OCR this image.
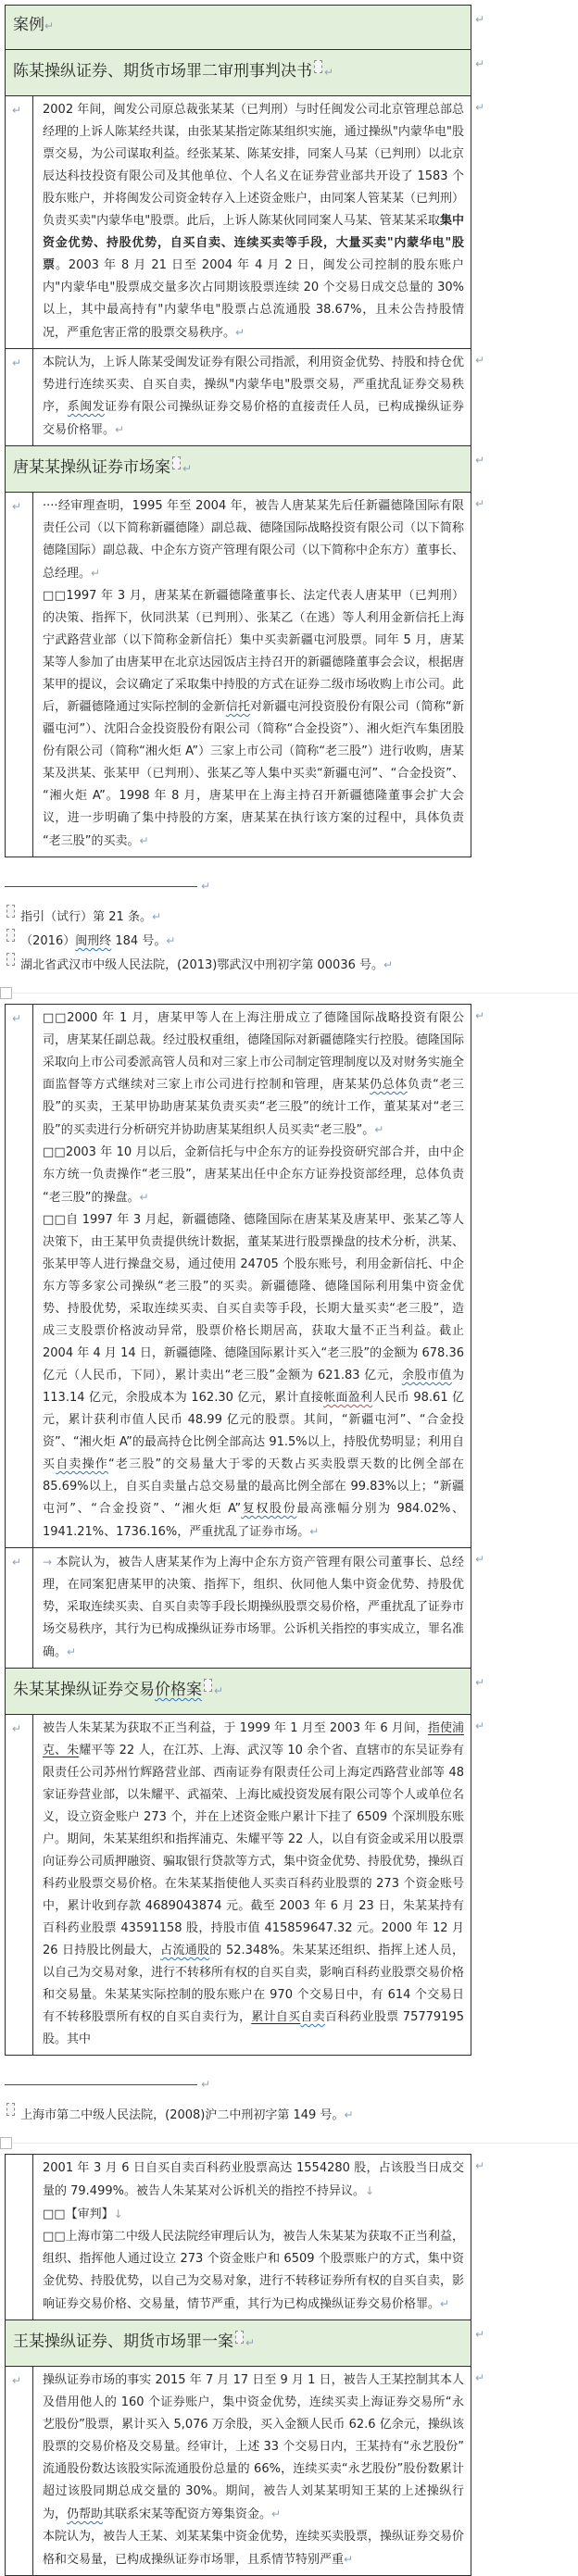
案例↵	↵
陈某操纵证券、期货市场罪二审刑事判决书 ↵
↵
↵	2002 年间，闽发公司原总裁张某某（已判刑）与时任闽发公司北京管理总部总经理的上诉人陈某经共谋，由张某某指定陈某组织实施，通过操纵"内蒙华电"股票交易，为公司谋取利益。经张某某、陈某安排，同案人马某（已判刑）以北京辰达科技投资有限公司及其他单位、个人名义在证券营业部共开设了 1583 个股东账户，并将闽发公司资金转存入上述资金账户，由同案人管某某（已判刑）负责买卖"内蒙华电"股票。此后，上诉人陈某伙同同案人马某、管某某采取集中资金优势、持股优势，自买自卖、连续买卖等手段，大量买卖"内蒙华电"股票。2003 年 8 月 21 日至 2004 年 4 月 2 日，闽发公司控制的股东账户内"内蒙华电"股票成交量多次占同期该股票连续 20 个交易日成交总量的 30%以上，其中最高持有"内蒙华电"股票占总流通股 38.67%，且未公告持股情况，严重危害正常的股票交易秩序。↵

↵
↵	本院认为，上诉人陈某受闽发证券有限公司指派，利用资金优势、持股和持仓优势进行连续买卖、自买自卖，操纵"内蒙华电"股票交易，严重扰乱证券交易秩序，系闽发证券有限公司操纵证券交易价格的直接责任人员，已构成操纵证券交易价格罪。↵

↵
唐某某操纵证券市场案 ↵
↵
↵	····经审理查明，1995 年至 2004 年，被告人唐某某先后任新疆德隆国际有限责任公司（以下简称新疆德隆）副总裁、德隆国际战略投资有限公司（以下简称德隆国际）副总裁、中企东方资产管理有限公司（以下简称中企东方）董事长、总经理。↵

□□1997 年 3 月，唐某某在新疆德隆董事长、法定代表人唐某甲（已判刑）的决策、指挥下，伙同洪某（已判刑）、张某乙（在逃）等人利用金新信托上海宁武路营业部（以下简称金新信托）集中买卖新疆屯河股票。同年 5 月，唐某某等人参加了由唐某甲在北京达园饭店主持召开的新疆德隆董事会会议，根据唐某甲的提议，会议确定了采取集中持股的方式在证券二级市场收购上市公司。此后，新疆德隆通过实际控制的金新信托对新疆屯河投资股份有限公司（简称“新疆屯河”）、沈阳合金投资股份有限公司（简称“合金投资”）、湘火炬汽车集团股份有限公司（简称“湘火炬 A”）三家上市公司（简称“老三股”）进行收购，唐某某及洪某、张某甲（已判刑）、张某乙等人集中买卖“新疆屯河”、“合金投资”、“湘火炬 A”。1998 年 8 月，唐某甲在上海主持召开新疆德隆董事会扩大会议，进一步明确了集中持股的方案，唐某某在执行该方案的过程中，具体负责“老三股”的买卖。↵

↵
↵

指引（试行）第 21 条。↵

（2016）闽刑终 184 号。↵

湖北省武汉市中级人民法院，(2013)鄂武汉中刑初字第 00036 号。↵

↵	□□2000 年 1 月，唐某甲等人在上海注册成立了德隆国际战略投资有限公司，唐某某任副总裁。经过股权重组，德隆国际对新疆德隆实行控股。德隆国际采取向上市公司委派高管人员和对三家上市公司制定管理制度以及对财务实施全面监督等方式继续对三家上市公司进行控制和管理，唐某某仍总体负责“老三股”的买卖，王某甲协助唐某某负责买卖“老三股”的统计工作，董某某对“老三股”的买卖进行分析研究并协助唐某某组织人员买卖“老三股”。↵

□□2003 年 10 月以后，金新信托与中企东方的证券投资研究部合并，由中企东方统一负责操作“老三股”，唐某某出任中企东方证券投资部经理，总体负责“老三股”的操盘。↵

□□自 1997 年 3 月起，新疆德隆、德隆国际在唐某某及唐某甲、张某乙等人决策下，由王某甲负责提供统计数据，董某某进行股票操盘的技术分析，洪某、张某甲等人进行操盘交易，通过使用 24705 个股东账号，利用金新信托、中企东方等多家公司操纵“老三股”的买卖。新疆德隆、德隆国际利用集中资金优势、持股优势，采取连续买卖、自买自卖等手段，长期大量买卖“老三股”，造成三支股票价格波动异常，股票价格长期居高，获取大量不正当利益。截止 2004 年 4 月 14 日，新疆德隆、德隆国际累计买入“老三股”的金额为 678.36 亿元（人民币，下同），累计卖出“老三股”金额为 621.83 亿元，余股市值为 113.14 亿元，余股成本为 162.30 亿元，累计直接帐面盈利人民币 98.61 亿元，累计获利市值人民币 48.99 亿元的股票。其间，“新疆屯河”、“合金投资”、“湘火炬 A”的最高持仓比例全部高达 91.5%以上，持股优势明显；利用自买自卖操作“老三股”的交易量大于零的天数占买卖股票天数的比例全部在 85.69%以上，自买自卖量占总交易量的最高比例全部在 99.83%以上；“新疆屯河”、“合金投资”、“湘火炬 A”复权股份最高涨幅分别为 984.02%、1941.21%、1736.16%，严重扰乱了证券市场。↵

↵
↵	→ 本院认为，被告人唐某某作为上海中企东方资产管理有限公司董事长、总经理，在同案犯唐某甲的决策、指挥下，组织、伙同他人集中资金优势、持股优势，采取连续买卖、自买自卖等手段长期操纵股票交易价格，严重扰乱了证券市场交易秩序，其行为已构成操纵证券市场罪。公诉机关指控的事实成立，罪名准确。↵

↵
朱某某操纵证券交易价格案 ↵
↵
↵	被告人朱某某为获取不正当利益，于 1999 年 1 月至 2003 年 6 月间，指使浦克、朱耀平等 22 人，在江苏、上海、武汉等 10 余个省、直辖市的东吴证券有限责任公司苏州竹辉路营业部、西南证券有限责任公司上海定西路营业部等 48 家证券营业部，以朱耀平、武福荣、上海比威投资发展有限公司等个人或单位名义，设立资金账户 273 个，并在上述资金账户累计下挂了 6509 个深圳股东账户。期间，朱某某组织和指挥浦克、朱耀平等 22 人，以自有资金或采用以股票向证券公司质押融资、骗取银行贷款等方式，集中资金优势、持股优势，操纵百科药业股票交易价格。在朱某某指使他人买卖百科药业股票的 273 个资金账号中，累计收到存款 4689043874 元。截至 2003 年 6 月 23 日，朱某某持有百科药业股票 43591158 股，持股市值 415859647.32 元。2000 年 12 月 26 日持股比例最大，占流通股的 52.348%。朱某某还组织、指挥上述人员，以自己为交易对象，进行不转移所有权的自买自卖，影响百科药业股票交易价格和交易量。朱某某实际控制的股东账户在 970 个交易日中，有 614 个交易日有不转移股票所有权的自买自卖行为，累计自买自卖百科药业股票 75779195 股。其中

↵
↵

上海市第二中级人民法院，(2008)沪二中刑初字第 149 号。↵

2001 年 3 月 6 日自买自卖百科药业股票高达 1554280 股，占该股当日成交量的 79.499%。被告人朱某某对公诉机关的指控不持异议。↓

□□【审判】↓

□□上海市第二中级人民法院经审理后认为，被告人朱某某为获取不正当利益，组织、指挥他人通过设立 273 个资金账户和 6509 个股票账户的方式，集中资金优势、持股优势，以自己为交易对象，进行不转移证券所有权的自买自卖，影响证券交易价格、交易量，情节严重，其行为已构成操纵证券交易价格罪。↵

↵
王某操纵证券、期货市场罪一案 ↵
↵
↵	操纵证券市场的事实 2015 年 7 月 17 日至 9 月 1 日，被告人王某控制其本人及借用他人的 160 个证券账户，集中资金优势，连续买卖上海证券交易所“永艺股份”股票，累计买入 5,076 万余股，买入金额人民币 62.6 亿余元，操纵该股票的交易价格及交易量。经审计，上述 33 个交易日内，王某持有“永艺股份”流通股份数达该股实际流通股份总量的 66%，连续买卖“永艺股份”股份数累计超过该股同期总成交量的 30%。期间，被告人刘某某明知王某的上述操纵行为，仍帮助其联系宋某等配资方筹集资金。↵

本院认为，被告人王某、刘某某集中资金优势，连续买卖股票，操纵证券交易价格和交易量，已构成操纵证券市场罪，且系情节特别严重↵

↵
